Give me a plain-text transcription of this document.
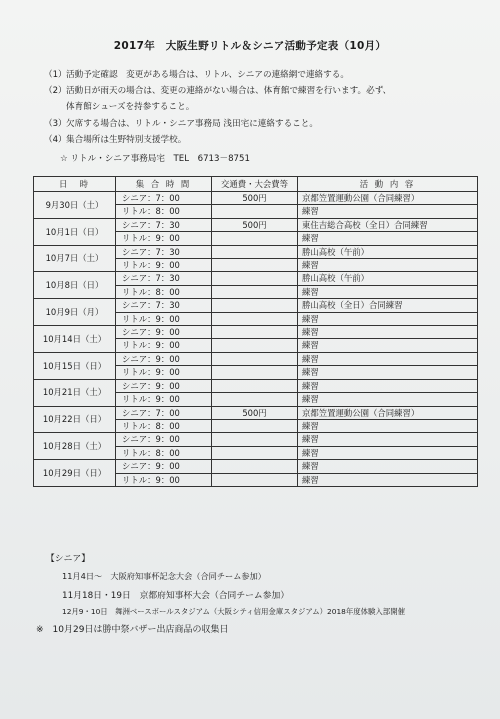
2017年　大阪生野リトル＆シニア活動予定表（10月）
（1）活動予定確認　変更がある場合は、リトル、シニアの連絡網で連絡する。
（2）活動日が雨天の場合は、変更の連絡がない場合は、体育館で練習を行います。必ず、
体育館シューズを持参すること。
（3）欠席する場合は、リトル・シニア事務局 浅田宅に連絡すること。
（4）集合場所は生野特別支援学校。
☆ リトル・シニア事務局宅　TEL　6713－8751
日　時	集 合 時 間	交通費・大会費等	活 動 内 容
9月30日（土）	シニア：7：00	500円	京都笠置運動公園（合同練習）
	リトル：8：00		練習
10月1日（日）	シニア：7：30	500円	東住吉総合高校（全日）合同練習
	リトル：9：00		練習
10月7日（土）	シニア：7：30		勝山高校（午前）
	リトル：9：00		練習
10月8日（日）	シニア：7：30		勝山高校（午前）
	リトル：8：00		練習
10月9日（月）	シニア：7：30		勝山高校（全日）合同練習
	リトル：9：00		練習
10月14日（土）	シニア：9：00		練習
	リトル：9：00		練習
10月15日（日）	シニア：9：00		練習
	リトル：9：00		練習
10月21日（土）	シニア：9：00		練習
	リトル：9：00		練習
10月22日（日）	シニア：7：00	500円	京都笠置運動公園（合同練習）
	リトル：8：00		練習
10月28日（土）	シニア：9：00		練習
	リトル：8：00		練習
10月29日（日）	シニア：9：00		練習
	リトル：9：00		練習
【シニア】
11月4日～　大阪府知事杯記念大会（合同チーム参加）
11月18日・19日　京都府知事杯大会（合同チーム参加）
12月9・10日　舞洲ベースボールスタジアム（大阪シティ信用金庫スタジアム）2018年度体験入部開催
※　10月29日は勝中祭バザー出店商品の収集日
